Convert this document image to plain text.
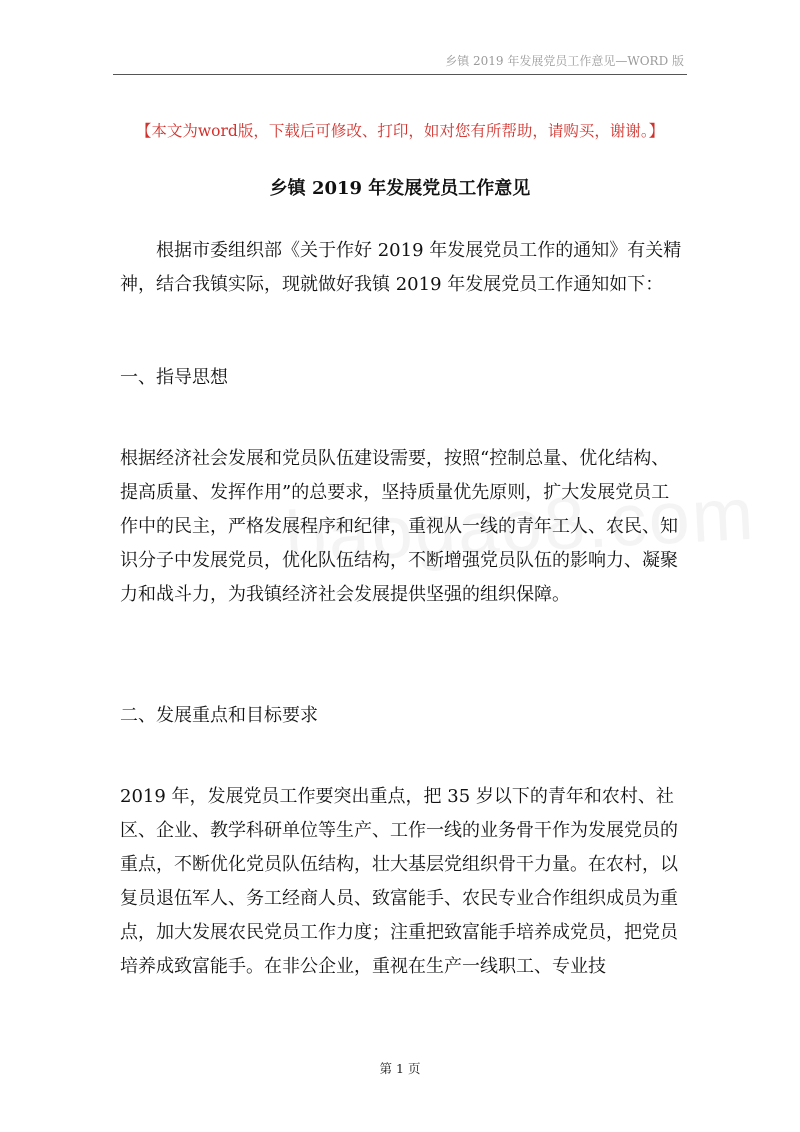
乡镇 2019 年发展党员工作意见—WORD 版
【本文为word版，下载后可修改、打印，如对您有所帮助，请购买，谢谢。】
乡镇 2019 年发展党员工作意见
根据市委组织部《关于作好 2019 年发展党员工作的通知》有关精神，结合我镇实际，现就做好我镇 2019 年发展党员工作通知如下：
一、指导思想
根据经济社会发展和党员队伍建设需要，按照“控制总量、优化结构、提高质量、发挥作用”的总要求，坚持质量优先原则，扩大发展党员工作中的民主，严格发展程序和纪律，重视从一线的青年工人、农民、知识分子中发展党员，优化队伍结构，不断增强党员队伍的影响力、凝聚力和战斗力，为我镇经济社会发展提供坚强的组织保障。
二、发展重点和目标要求
2019 年，发展党员工作要突出重点，把 35 岁以下的青年和农村、社区、企业、教学科研单位等生产、工作一线的业务骨干作为发展党员的重点，不断优化党员队伍结构，壮大基层党组织骨干力量。在农村，以复员退伍军人、务工经商人员、致富能手、农民专业合作组织成员为重点，加大发展农民党员工作力度；注重把致富能手培养成党员，把党员培养成致富能手。在非公企业，重视在生产一线职工、专业技
第 1 页
